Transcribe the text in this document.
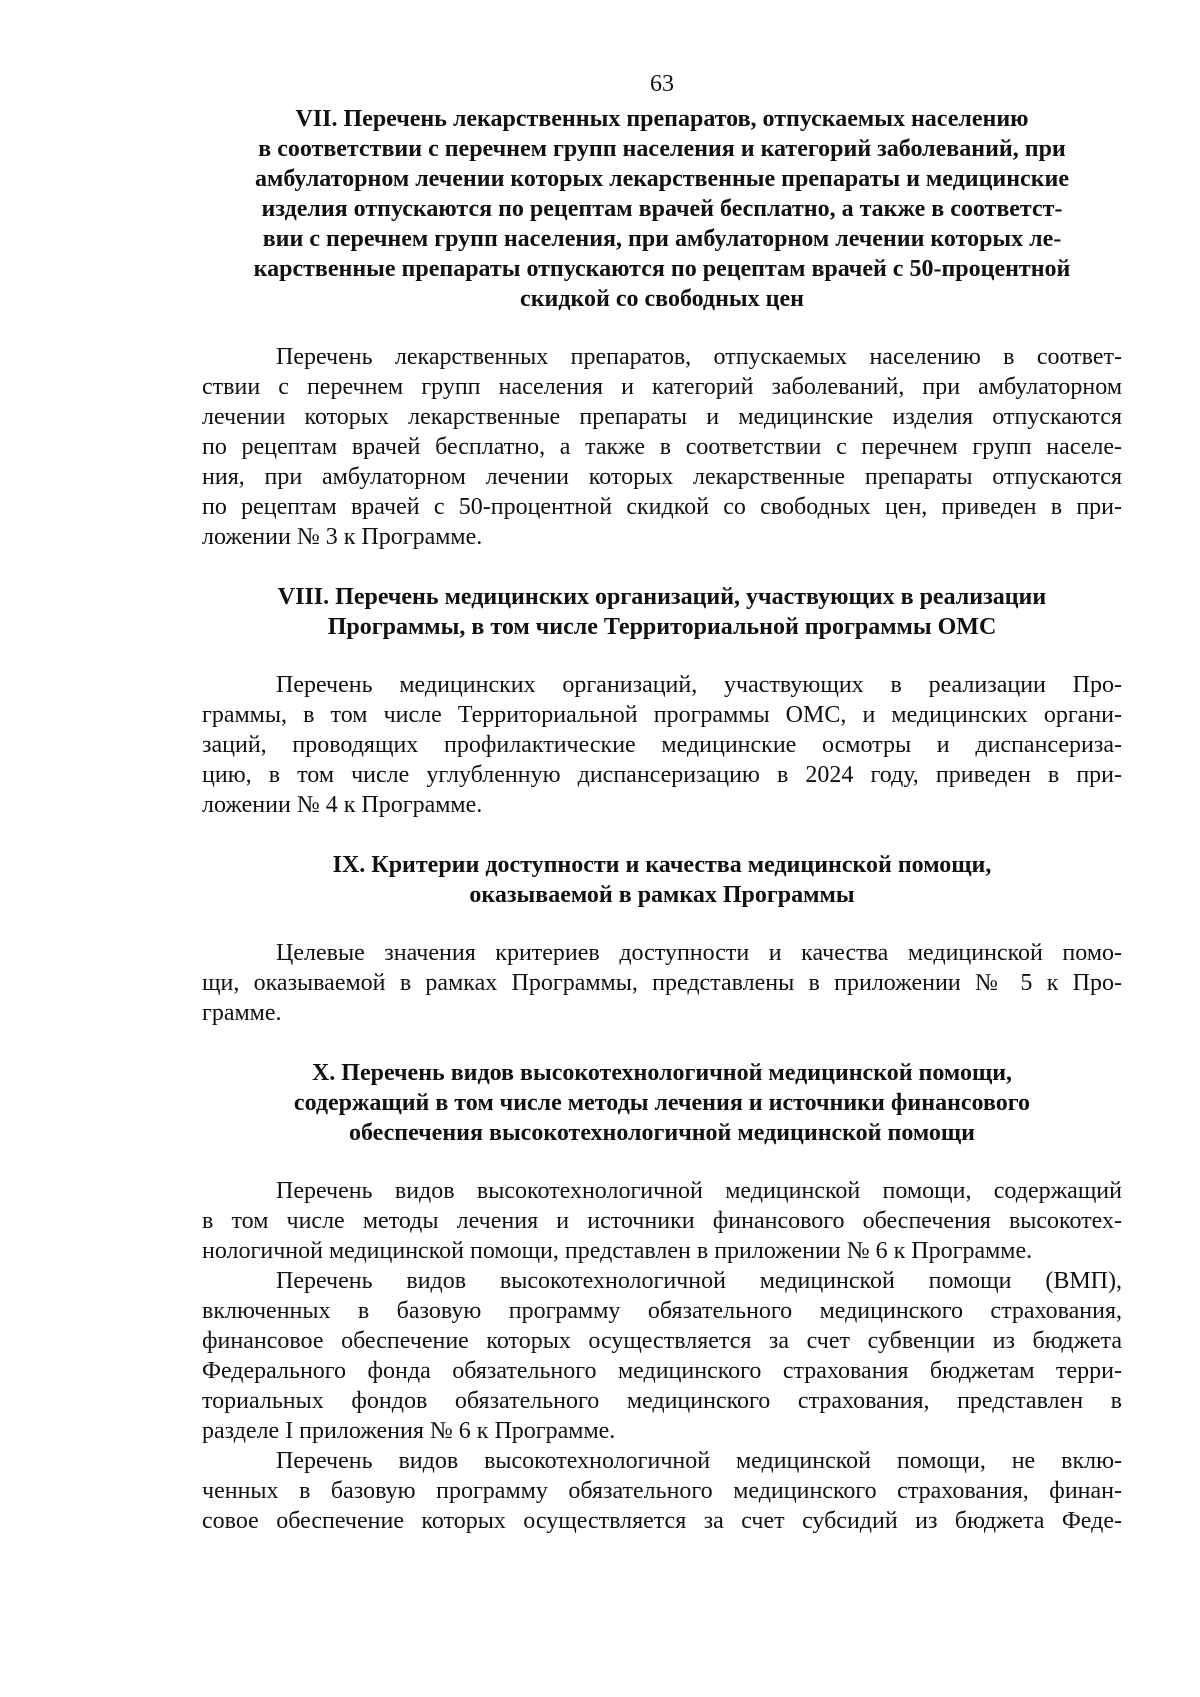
63
VII. Перечень лекарственных препаратов, отпускаемых населению
в соответствии с перечнем групп населения и категорий заболеваний, при
амбулаторном лечении которых лекарственные препараты и медицинские
изделия отпускаются по рецептам врачей бесплатно, а также в соответст-
вии с перечнем групп населения, при амбулаторном лечении которых ле-
карственные препараты отпускаются по рецептам врачей с 50-процентной
скидкой со свободных цен

Перечень лекарственных препаратов, отпускаемых населению в соответ-
ствии с перечнем групп населения и категорий заболеваний, при амбулаторном
лечении которых лекарственные препараты и медицинские изделия отпускаются
по рецептам врачей бесплатно, а также в соответствии с перечнем групп населе-
ния, при амбулаторном лечении которых лекарственные препараты отпускаются
по рецептам врачей с 50-процентной скидкой со свободных цен, приведен в при-
ложении № 3 к Программе.

VIII. Перечень медицинских организаций, участвующих в реализации
Программы, в том числе Территориальной программы ОМС

Перечень медицинских организаций, участвующих в реализации Про-
граммы, в том числе Территориальной программы ОМС, и медицинских органи-
заций, проводящих профилактические медицинские осмотры и диспансериза-
цию, в том числе углубленную диспансеризацию в 2024 году, приведен в при-
ложении № 4 к Программе.

IX. Критерии доступности и качества медицинской помощи,
оказываемой в рамках Программы

Целевые значения критериев доступности и качества медицинской помо-
щи, оказываемой в рамках Программы, представлены в приложении № 5 к Про-
грамме.

X. Перечень видов высокотехнологичной медицинской помощи,
содержащий в том числе методы лечения и источники финансового
обеспечения высокотехнологичной медицинской помощи

Перечень видов высокотехнологичной медицинской помощи, содержащий
в том числе методы лечения и источники финансового обеспечения высокотех-
нологичной медицинской помощи, представлен в приложении № 6 к Программе.

Перечень видов высокотехнологичной медицинской помощи (ВМП),
включенных в базовую программу обязательного медицинского страхования,
финансовое обеспечение которых осуществляется за счет субвенции из бюджета
Федерального фонда обязательного медицинского страхования бюджетам терри-
ториальных фондов обязательного медицинского страхования, представлен в
разделе I приложения № 6 к Программе.

Перечень видов высокотехнологичной медицинской помощи, не вклю-
ченных в базовую программу обязательного медицинского страхования, финан-
совое обеспечение которых осуществляется за счет субсидий из бюджета Феде-
